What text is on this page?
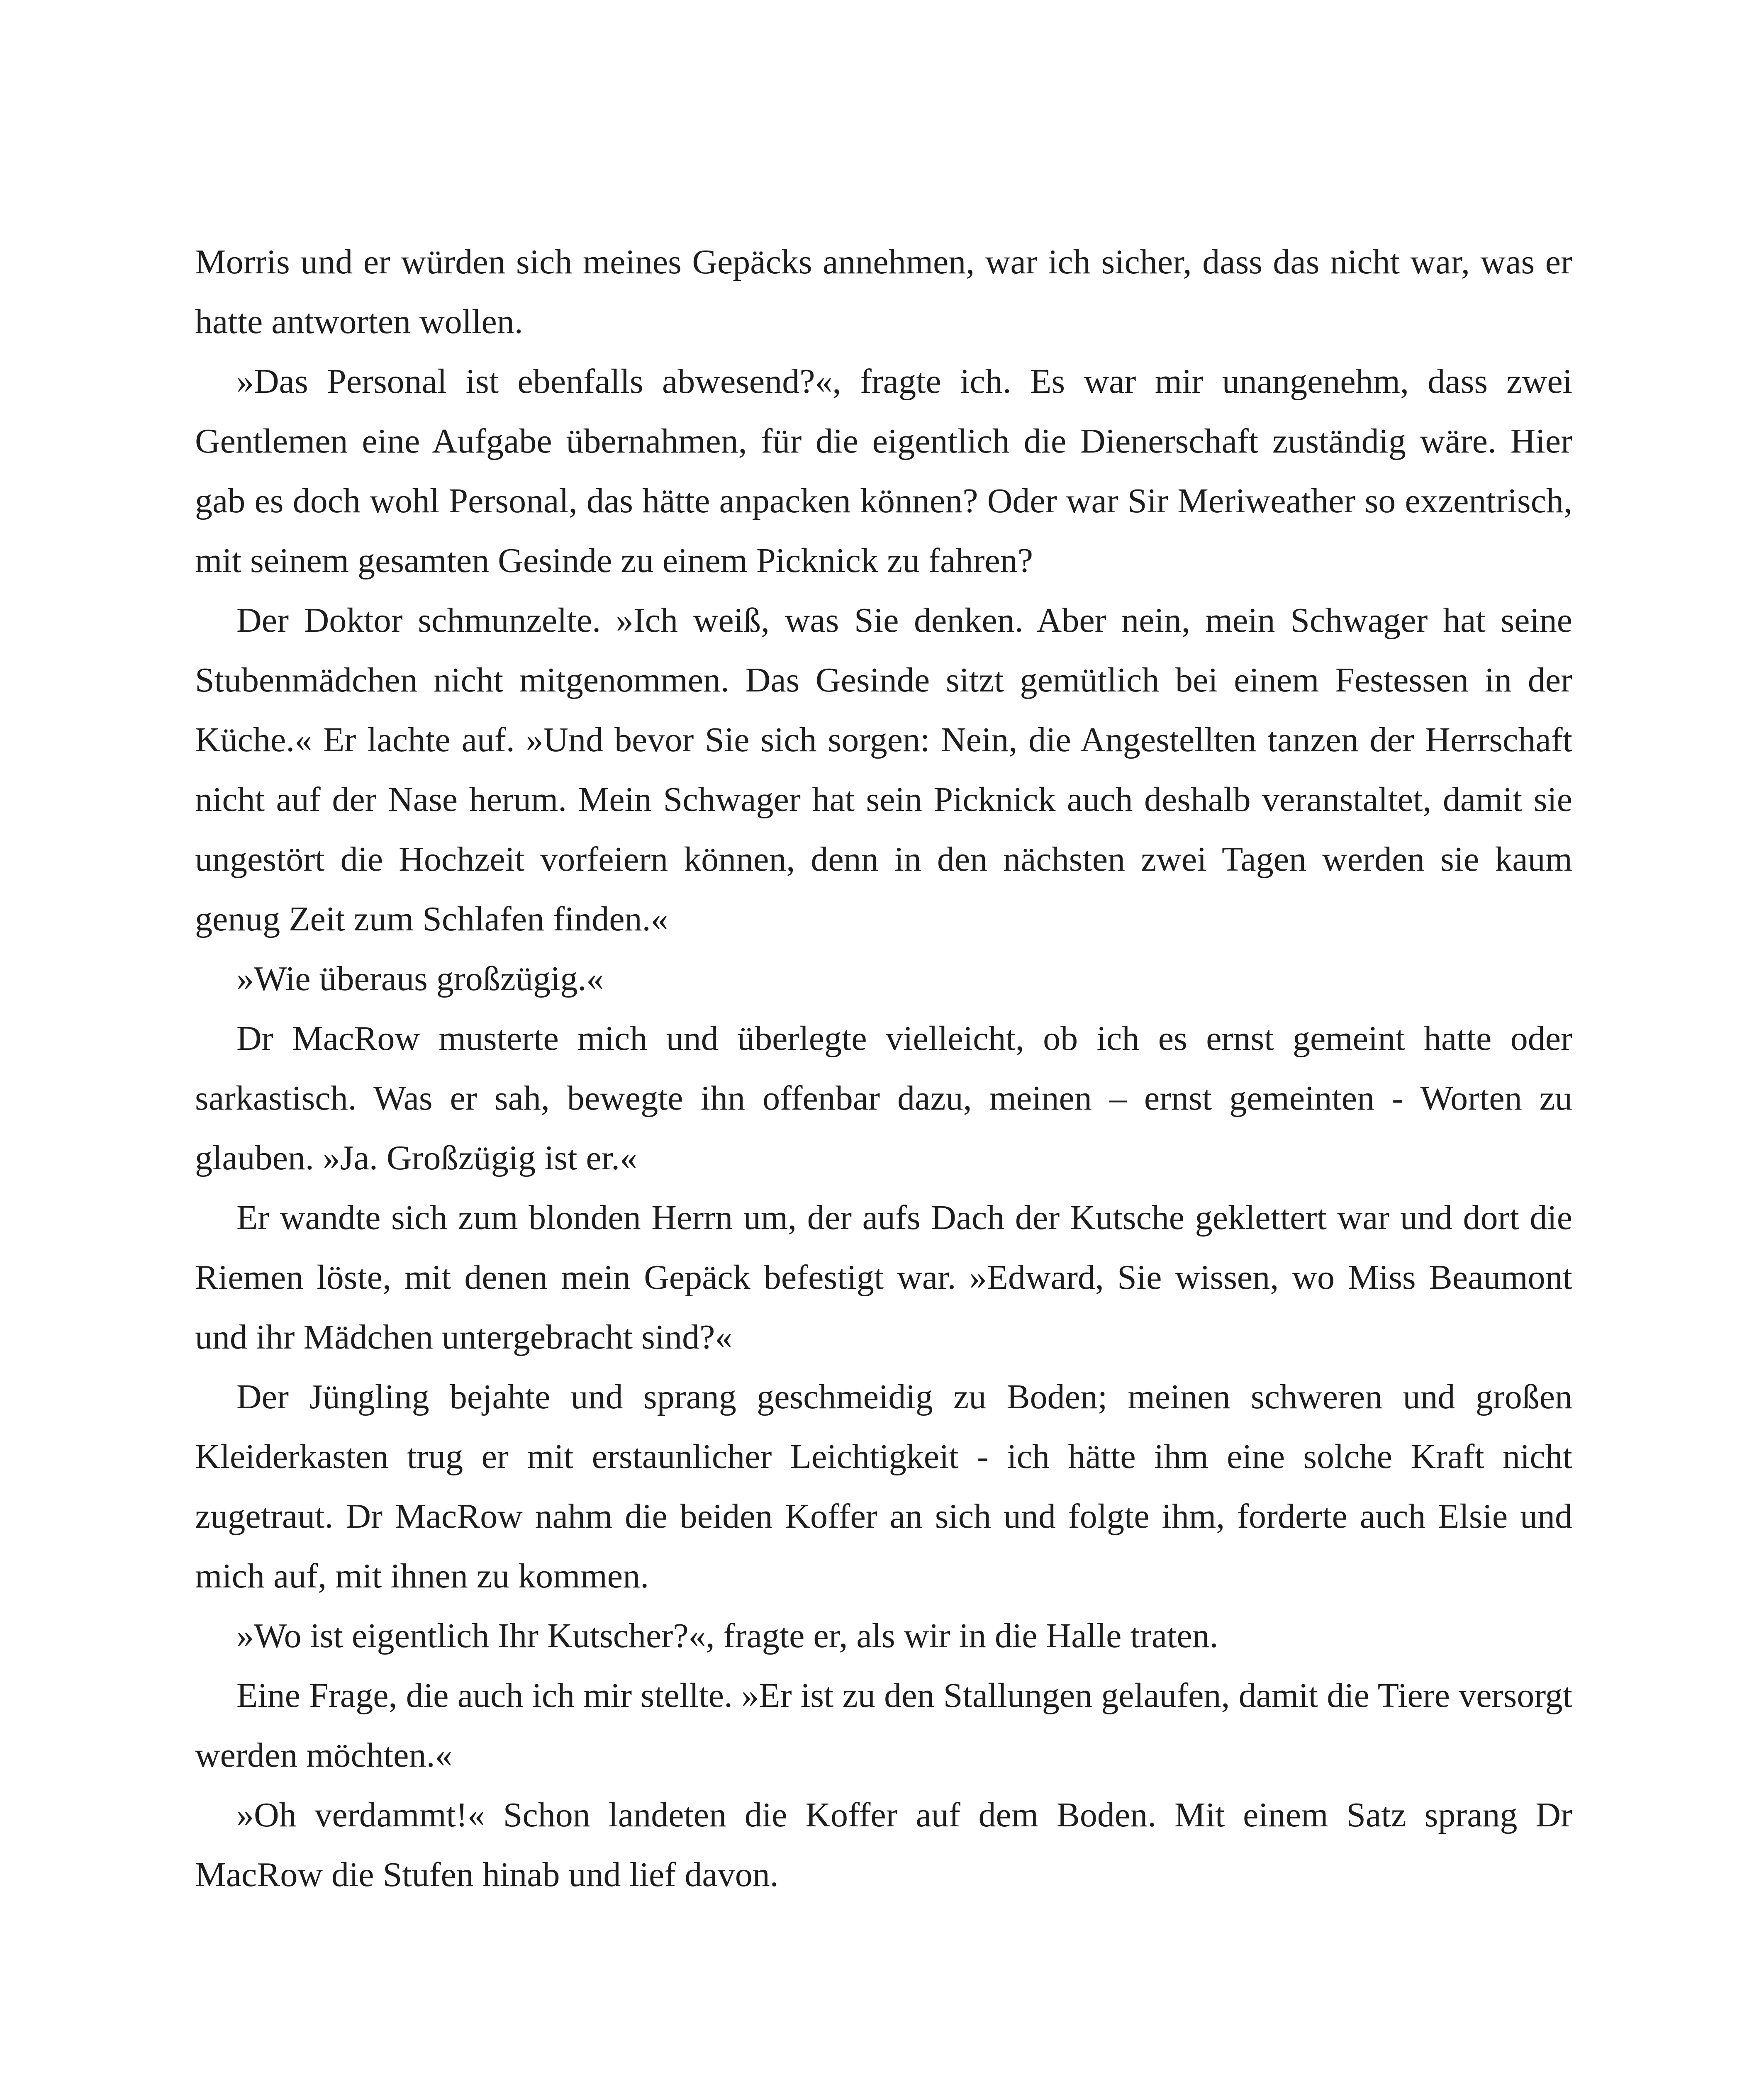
Morris und er würden sich meines Gepäcks annehmen, war ich sicher, dass das nicht war, was er hatte antworten wollen.

»Das Personal ist ebenfalls abwesend?«, fragte ich. Es war mir unangenehm, dass zwei Gentlemen eine Aufgabe übernahmen, für die eigentlich die Dienerschaft zuständig wäre. Hier gab es doch wohl Personal, das hätte anpacken können? Oder war Sir Meriweather so exzentrisch, mit seinem gesamten Gesinde zu einem Picknick zu fahren?

Der Doktor schmunzelte. »Ich weiß, was Sie denken. Aber nein, mein Schwager hat seine Stubenmädchen nicht mitgenommen. Das Gesinde sitzt gemütlich bei einem Festessen in der Küche.« Er lachte auf. »Und bevor Sie sich sorgen: Nein, die Angestellten tanzen der Herrschaft nicht auf der Nase herum. Mein Schwager hat sein Picknick auch deshalb veranstaltet, damit sie ungestört die Hochzeit vorfeiern können, denn in den nächsten zwei Tagen werden sie kaum genug Zeit zum Schlafen finden.«

»Wie überaus großzügig.«

Dr MacRow musterte mich und überlegte vielleicht, ob ich es ernst gemeint hatte oder sarkastisch. Was er sah, bewegte ihn offenbar dazu, meinen – ernst gemeinten - Worten zu glauben. »Ja. Großzügig ist er.«

Er wandte sich zum blonden Herrn um, der aufs Dach der Kutsche geklettert war und dort die Riemen löste, mit denen mein Gepäck befestigt war. »Edward, Sie wissen, wo Miss Beaumont und ihr Mädchen untergebracht sind?«

Der Jüngling bejahte und sprang geschmeidig zu Boden; meinen schweren und großen Kleiderkasten trug er mit erstaunlicher Leichtigkeit - ich hätte ihm eine solche Kraft nicht zugetraut. Dr MacRow nahm die beiden Koffer an sich und folgte ihm, forderte auch Elsie und mich auf, mit ihnen zu kommen.

»Wo ist eigentlich Ihr Kutscher?«, fragte er, als wir in die Halle traten.

Eine Frage, die auch ich mir stellte. »Er ist zu den Stallungen gelaufen, damit die Tiere versorgt werden möchten.«

»Oh verdammt!« Schon landeten die Koffer auf dem Boden. Mit einem Satz sprang Dr MacRow die Stufen hinab und lief davon.
